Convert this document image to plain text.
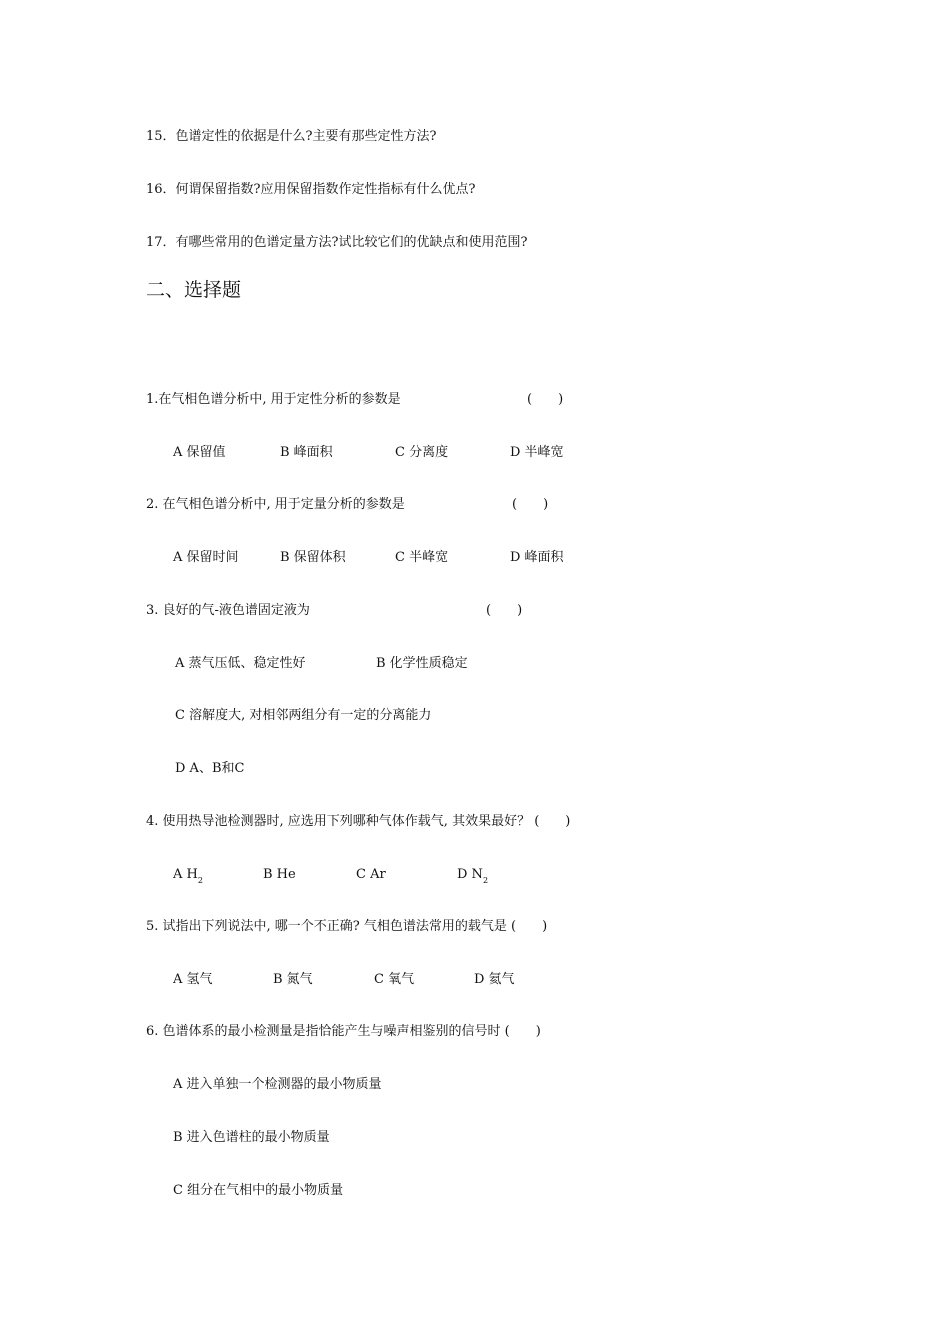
15．色谱定性的依据是什么?主要有那些定性方法?
16．何谓保留指数?应用保留指数作定性指标有什么优点?
17．有哪些常用的色谱定量方法?试比较它们的优缺点和使用范围?
二、选择题
1.在气相色谱分析中, 用于定性分析的参数是	(　　)
A 保留值	B 峰面积	C 分离度	D 半峰宽
2. 在气相色谱分析中, 用于定量分析的参数是	(　　)
A 保留时间	B 保留体积	C 半峰宽	D 峰面积
3. 良好的气-液色谱固定液为	(　　)
A 蒸气压低、稳定性好	B 化学性质稳定
C 溶解度大, 对相邻两组分有一定的分离能力
D A、B和C
4. 使用热导池检测器时, 应选用下列哪种气体作载气, 其效果最好？ (　　)
A $H_2$	B He	C Ar	D $N_2$
5. 试指出下列说法中, 哪一个不正确? 气相色谱法常用的载气是 (　　)
A 氢气	B 氮气	C 氧气	D 氦气
6. 色谱体系的最小检测量是指恰能产生与噪声相鉴别的信号时 (　　)
A 进入单独一个检测器的最小物质量
B 进入色谱柱的最小物质量
C 组分在气相中的最小物质量
